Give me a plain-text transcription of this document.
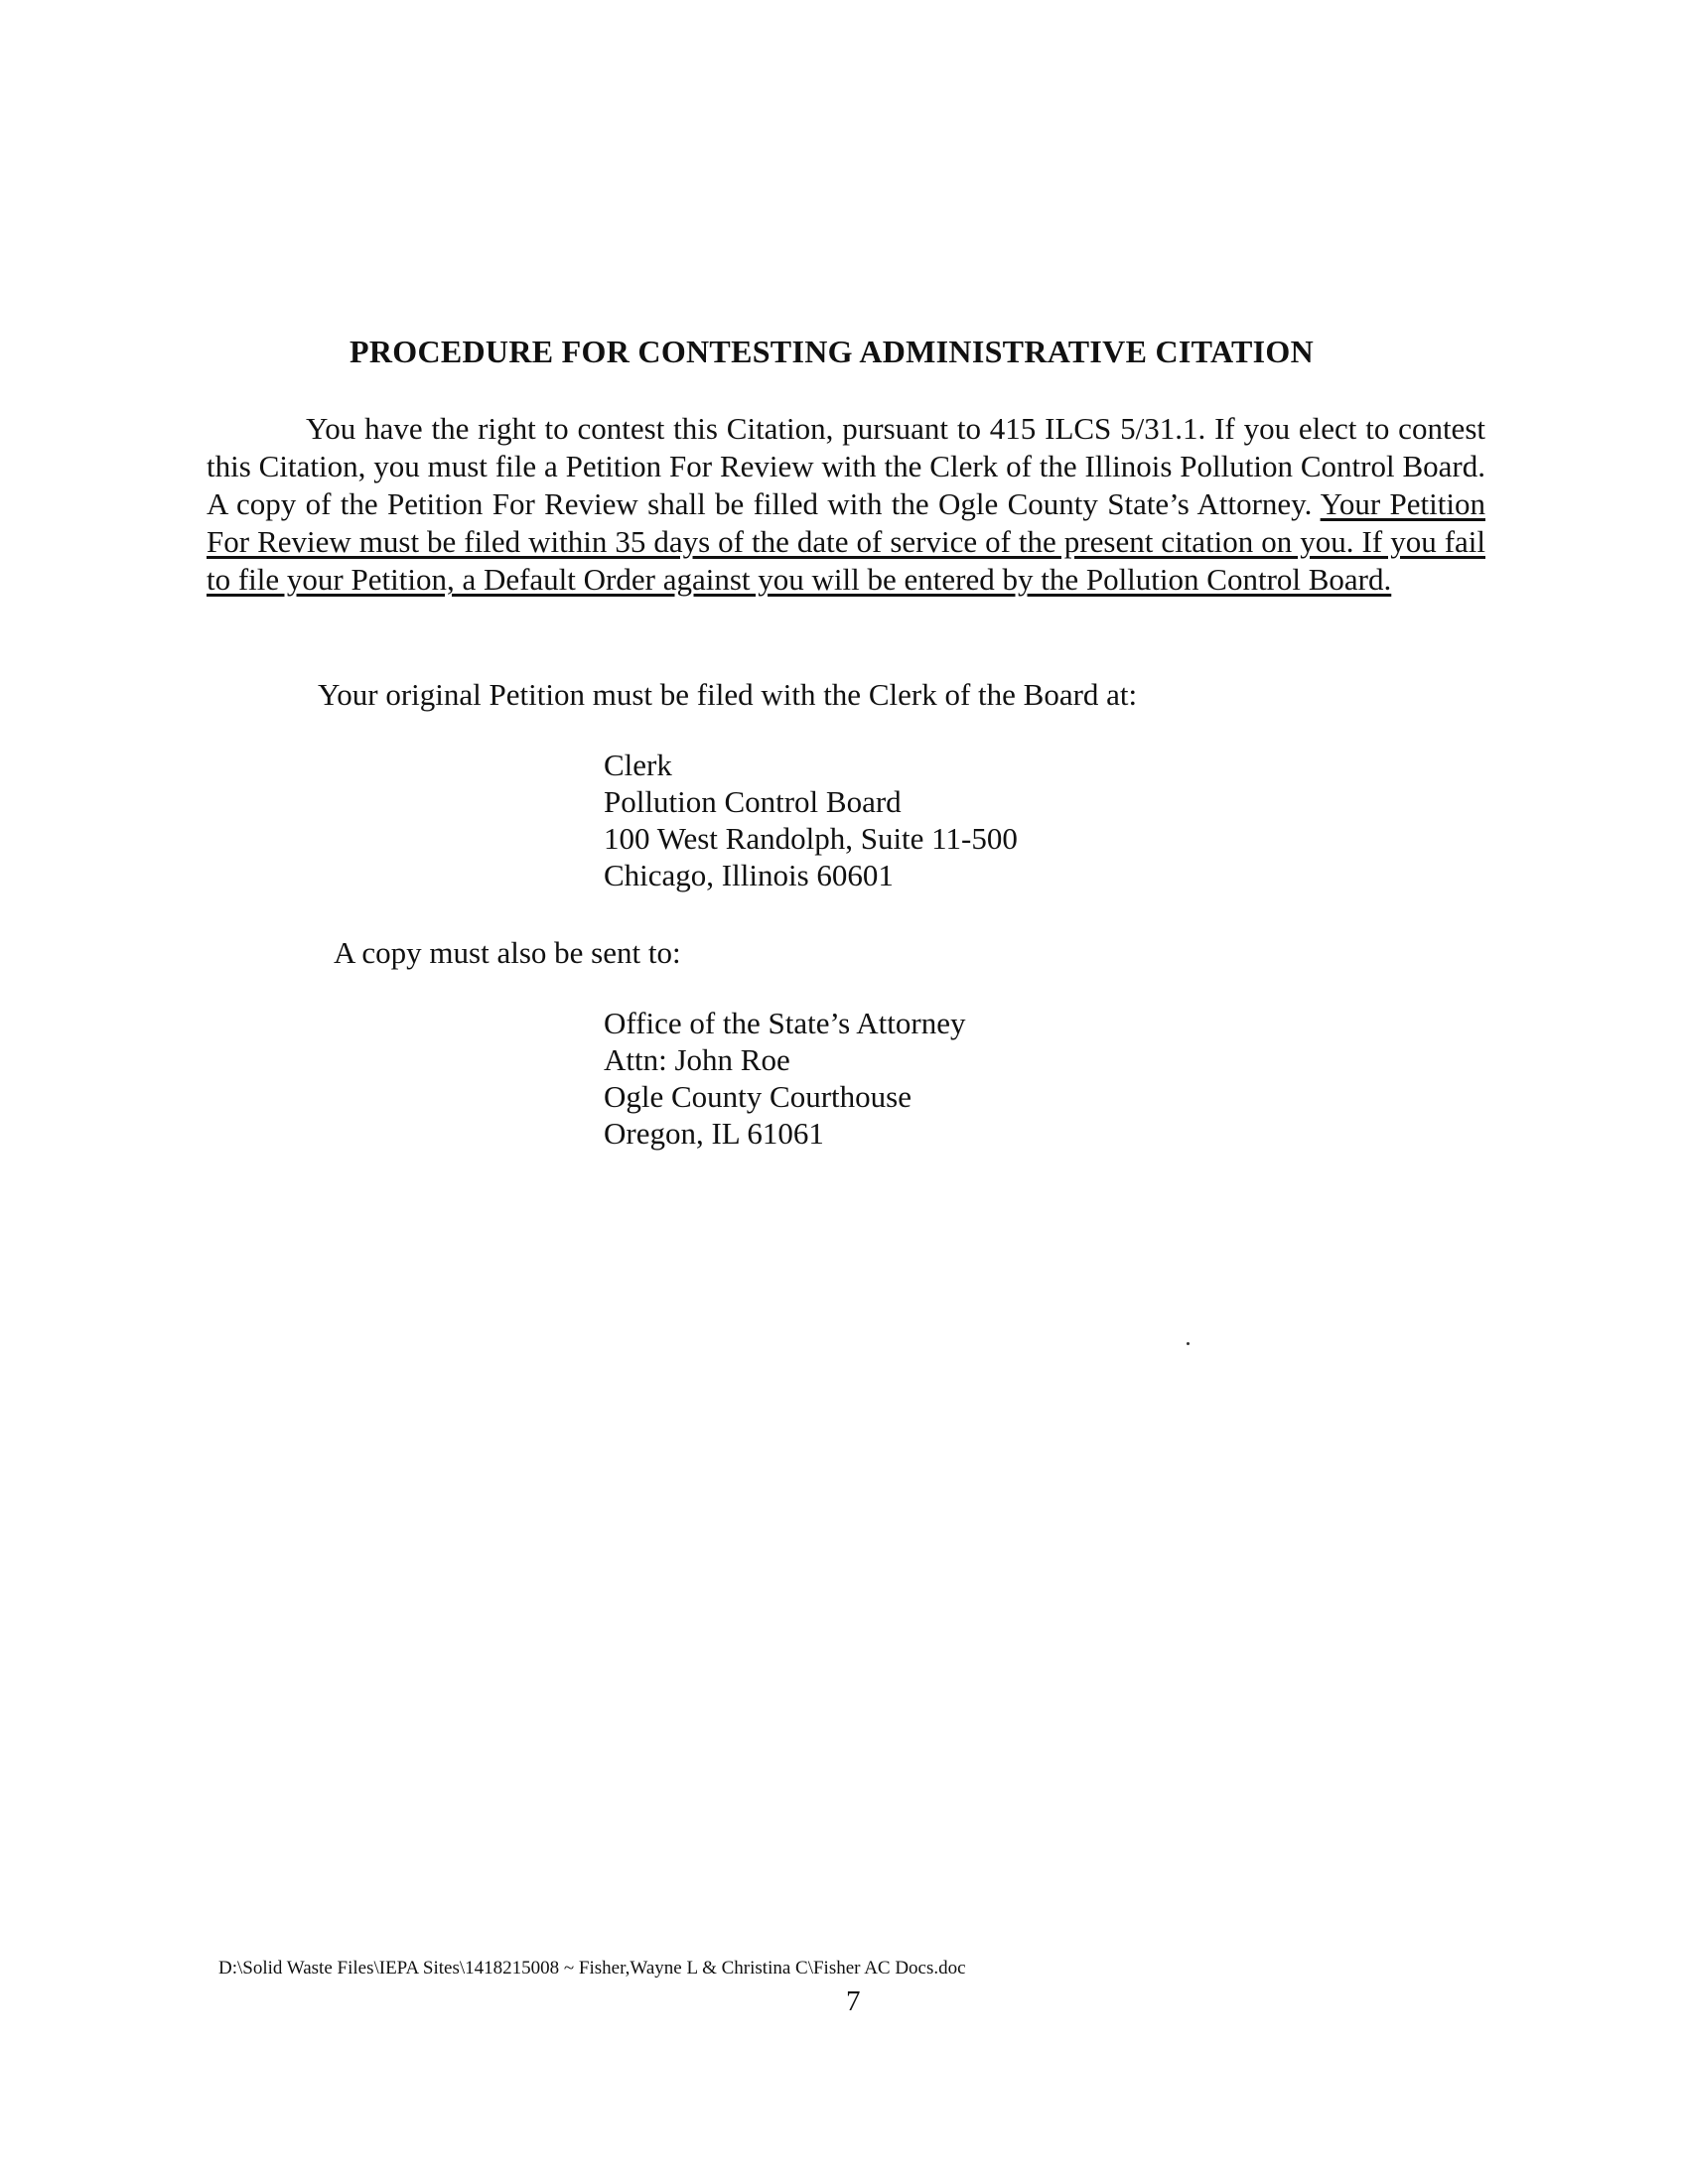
PROCEDURE FOR CONTESTING ADMINISTRATIVE CITATION
You have the right to contest this Citation, pursuant to 415 ILCS 5/31.1. If you elect to contest this Citation, you must file a Petition For Review with the Clerk of the Illinois Pollution Control Board. A copy of the Petition For Review shall be filled with the Ogle County State’s Attorney. Your Petition For Review must be filed within 35 days of the date of service of the present citation on you. If you fail to file your Petition, a Default Order against you will be entered by the Pollution Control Board.
Your original Petition must be filed with the Clerk of the Board at:
Clerk
Pollution Control Board
100 West Randolph, Suite 11-500
Chicago, Illinois 60601
A copy must also be sent to:
Office of the State’s Attorney
Attn: John Roe
Ogle County Courthouse
Oregon, IL 61061
D:\Solid Waste Files\IEPA Sites\1418215008 ~ Fisher,Wayne L & Christina C\Fisher AC Docs.doc
7
